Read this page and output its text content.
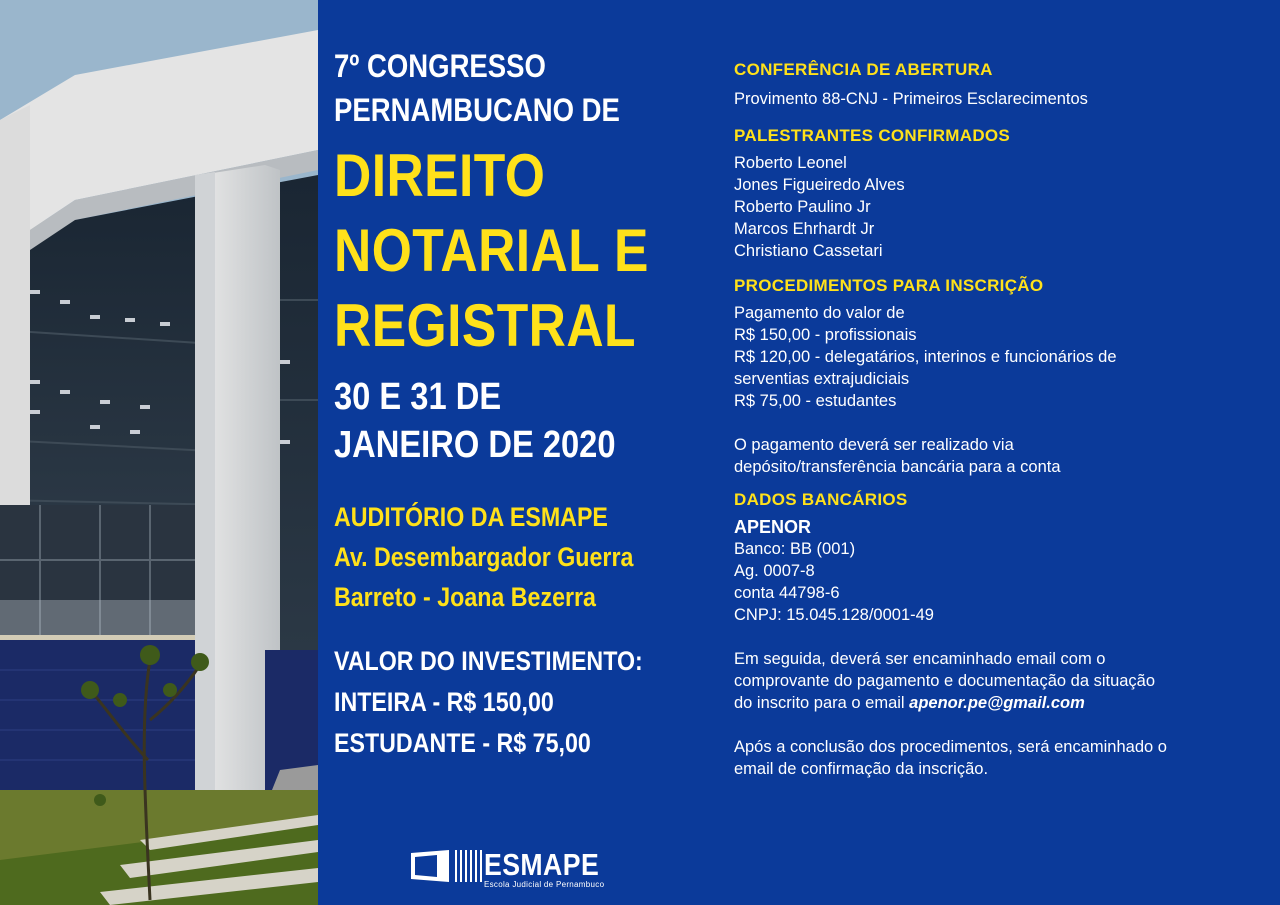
7º CONGRESSO
PERNAMBUCANO DE
DIREITO
NOTARIAL E
REGISTRAL
30 E 31 DE
JANEIRO DE 2020
AUDITÓRIO DA ESMAPE
Av. Desembargador Guerra
Barreto - Joana Bezerra
VALOR DO INVESTIMENTO:
INTEIRA - R$ 150,00
ESTUDANTE - R$ 75,00
CONFERÊNCIA DE ABERTURA
Provimento 88-CNJ - Primeiros Esclarecimentos
PALESTRANTES CONFIRMADOS
Roberto Leonel
Jones Figueiredo Alves
Roberto Paulino Jr
Marcos Ehrhardt Jr
Christiano Cassetari
PROCEDIMENTOS PARA INSCRIÇÃO
Pagamento do valor de
R$ 150,00 - profissionais
R$ 120,00 - delegatários, interinos e funcionários de
serventias extrajudiciais
R$ 75,00 - estudantes
O pagamento deverá ser realizado via
depósito/transferência bancária para a conta
DADOS BANCÁRIOS
APENOR
Banco: BB (001)
Ag. 0007-8
conta 44798-6
CNPJ: 15.045.128/0001-49
Em seguida, deverá ser encaminhado email com o
comprovante do pagamento e documentação da situação
do inscrito para o email apenor.pe@gmail.com
Após a conclusão dos procedimentos, será encaminhado o
email de confirmação da inscrição.
ESMAPE
Escola Judicial de Pernambuco
